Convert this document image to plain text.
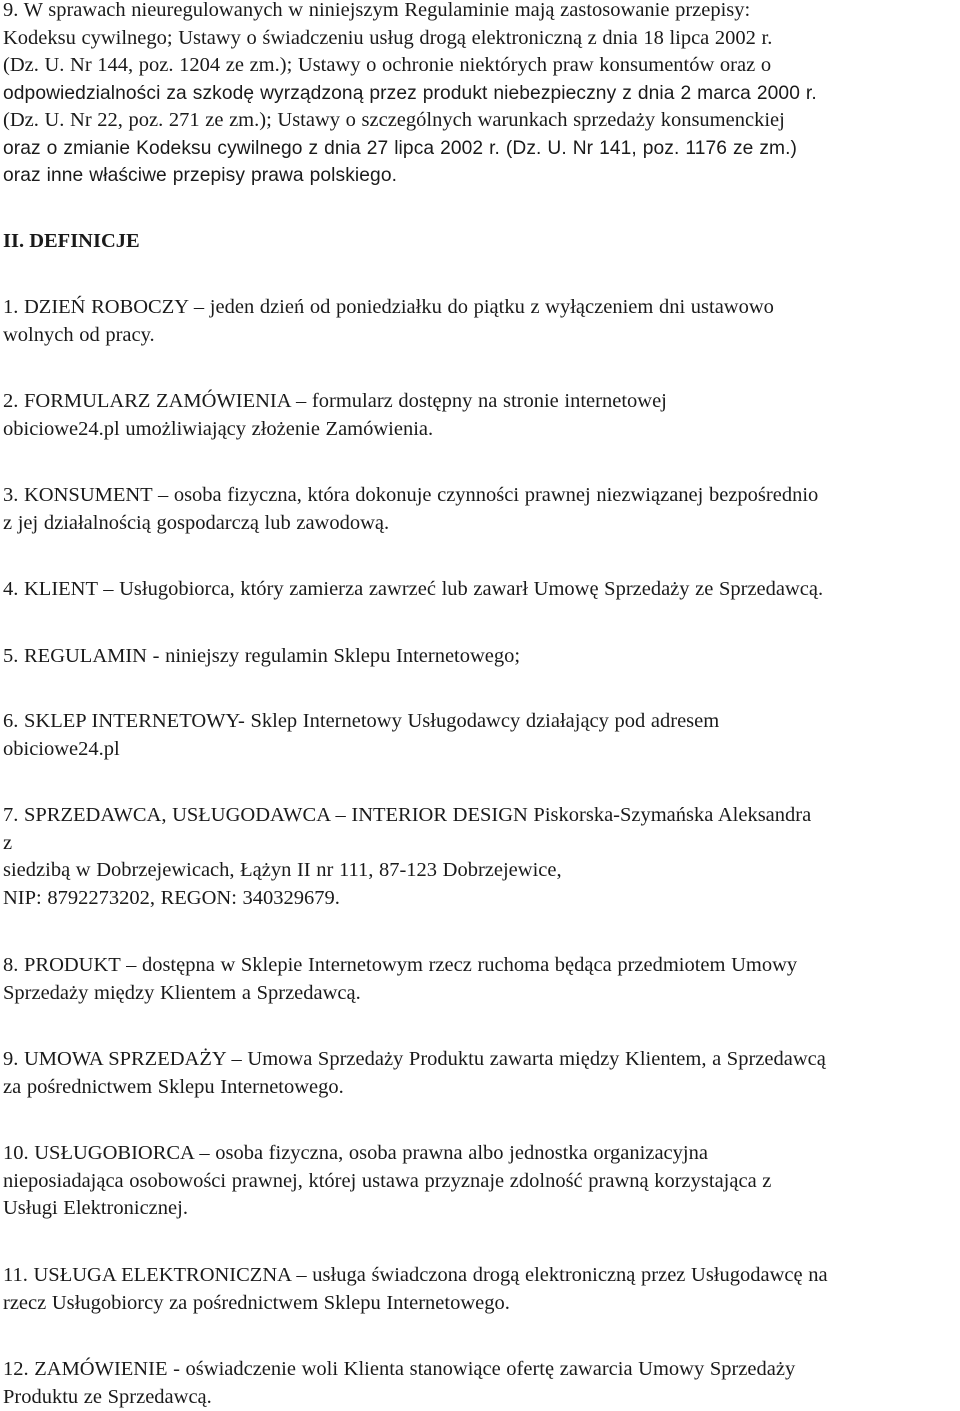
9. W sprawach nieuregulowanych w niniejszym Regulaminie mają zastosowanie przepisy:

Kodeksu cywilnego; Ustawy o świadczeniu usług drogą elektroniczną z dnia 18 lipca 2002 r.

(Dz. U. Nr 144, poz. 1204 ze zm.); Ustawy o ochronie niektórych praw konsumentów oraz o

odpowiedzialności za szkodę wyrządzoną przez produkt niebezpieczny z dnia 2 marca 2000 r.

(Dz. U. Nr 22, poz. 271 ze zm.); Ustawy o szczególnych warunkach sprzedaży konsumenckiej

oraz o zmianie Kodeksu cywilnego z dnia 27 lipca 2002 r. (Dz. U. Nr 141, poz. 1176 ze zm.)

oraz inne właściwe przepisy prawa polskiego.

II. DEFINICJE

1. DZIEŃ ROBOCZY – jeden dzień od poniedziałku do piątku z wyłączeniem dni ustawowo

wolnych od pracy.

2. FORMULARZ ZAMÓWIENIA – formularz dostępny na stronie internetowej

obiciowe24.pl umożliwiający złożenie Zamówienia.

3. KONSUMENT – osoba fizyczna, która dokonuje czynności prawnej niezwiązanej bezpośrednio

z jej działalnością gospodarczą lub zawodową.

4. KLIENT – Usługobiorca, który zamierza zawrzeć lub zawarł Umowę Sprzedaży ze Sprzedawcą.

5. REGULAMIN - niniejszy regulamin Sklepu Internetowego;

6. SKLEP INTERNETOWY- Sklep Internetowy Usługodawcy działający pod adresem

obiciowe24.pl

7. SPRZEDAWCA, USŁUGODAWCA – INTERIOR DESIGN Piskorska-Szymańska Aleksandra

z

siedzibą w Dobrzejewicach, Łążyn II nr 111, 87-123 Dobrzejewice,

NIP: 8792273202, REGON: 340329679.

8. PRODUKT – dostępna w Sklepie Internetowym rzecz ruchoma będąca przedmiotem Umowy

Sprzedaży między Klientem a Sprzedawcą.

9. UMOWA SPRZEDAŻY – Umowa Sprzedaży Produktu zawarta między Klientem, a Sprzedawcą

za pośrednictwem Sklepu Internetowego.

10. USŁUGOBIORCA – osoba fizyczna, osoba prawna albo jednostka organizacyjna

nieposiadająca osobowości prawnej, której ustawa przyznaje zdolność prawną korzystająca z

Usługi Elektronicznej.

11. USŁUGA ELEKTRONICZNA – usługa świadczona drogą elektroniczną przez Usługodawcę na

rzecz Usługobiorcy za pośrednictwem Sklepu Internetowego.

12. ZAMÓWIENIE - oświadczenie woli Klienta stanowiące ofertę zawarcia Umowy Sprzedaży

Produktu ze Sprzedawcą.
